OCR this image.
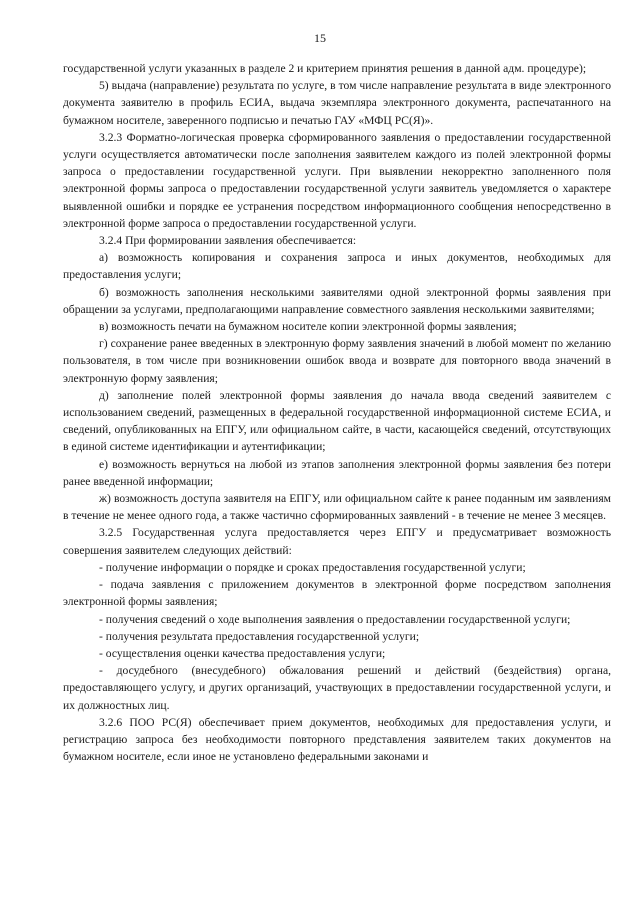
15

государственной услуги указанных в разделе 2 и критерием принятия решения в данной адм. процедуре);

5) выдача (направление) результата по услуге, в том числе направление результата в виде электронного документа заявителю в профиль ЕСИА, выдача экземпляра электронного документа, распечатанного на бумажном носителе, заверенного подписью и печатью ГАУ «МФЦ РС(Я)».

3.2.3 Форматно-логическая проверка сформированного заявления о предоставлении государственной услуги осуществляется автоматически после заполнения заявителем каждого из полей электронной формы запроса о предоставлении государственной услуги. При выявлении некорректно заполненного поля электронной формы запроса о предоставлении государственной услуги заявитель уведомляется о характере выявленной ошибки и порядке ее устранения посредством информационного сообщения непосредственно в электронной форме запроса о предоставлении государственной услуги.

3.2.4 При формировании заявления обеспечивается:

а) возможность копирования и сохранения запроса и иных документов, необходимых для предоставления услуги;

б) возможность заполнения несколькими заявителями одной электронной формы заявления при обращении за услугами, предполагающими направление совместного заявления несколькими заявителями;

в) возможность печати на бумажном носителе копии электронной формы заявления;

г) сохранение ранее введенных в электронную форму заявления значений в любой момент по желанию пользователя, в том числе при возникновении ошибок ввода и возврате для повторного ввода значений в электронную форму заявления;

д) заполнение полей электронной формы заявления до начала ввода сведений заявителем с использованием сведений, размещенных в федеральной государственной информационной системе ЕСИА, и сведений, опубликованных на ЕПГУ, или официальном сайте, в части, касающейся сведений, отсутствующих в единой системе идентификации и аутентификации;

е) возможность вернуться на любой из этапов заполнения электронной формы заявления без потери ранее введенной информации;

ж) возможность доступа заявителя на ЕПГУ, или официальном сайте к ранее поданным им заявлениям в течение не менее одного года, а также частично сформированных заявлений - в течение не менее 3 месяцев.

3.2.5 Государственная услуга предоставляется через ЕПГУ и предусматривает возможность совершения заявителем следующих действий:

- получение информации о порядке и сроках предоставления государственной услуги;

- подача заявления с приложением документов в электронной форме посредством заполнения электронной формы заявления;

- получения сведений о ходе выполнения заявления о предоставлении государственной услуги;

- получения результата предоставления государственной услуги;

- осуществления оценки качества предоставления услуги;

- досудебного (внесудебного) обжалования решений и действий (бездействия) органа, предоставляющего услугу, и других организаций, участвующих в предоставлении государственной услуги, и их должностных лиц.

3.2.6 ПОО РС(Я) обеспечивает прием документов, необходимых для предоставления услуги, и регистрацию запроса без необходимости повторного представления заявителем таких документов на бумажном носителе, если иное не установлено федеральными законами и
